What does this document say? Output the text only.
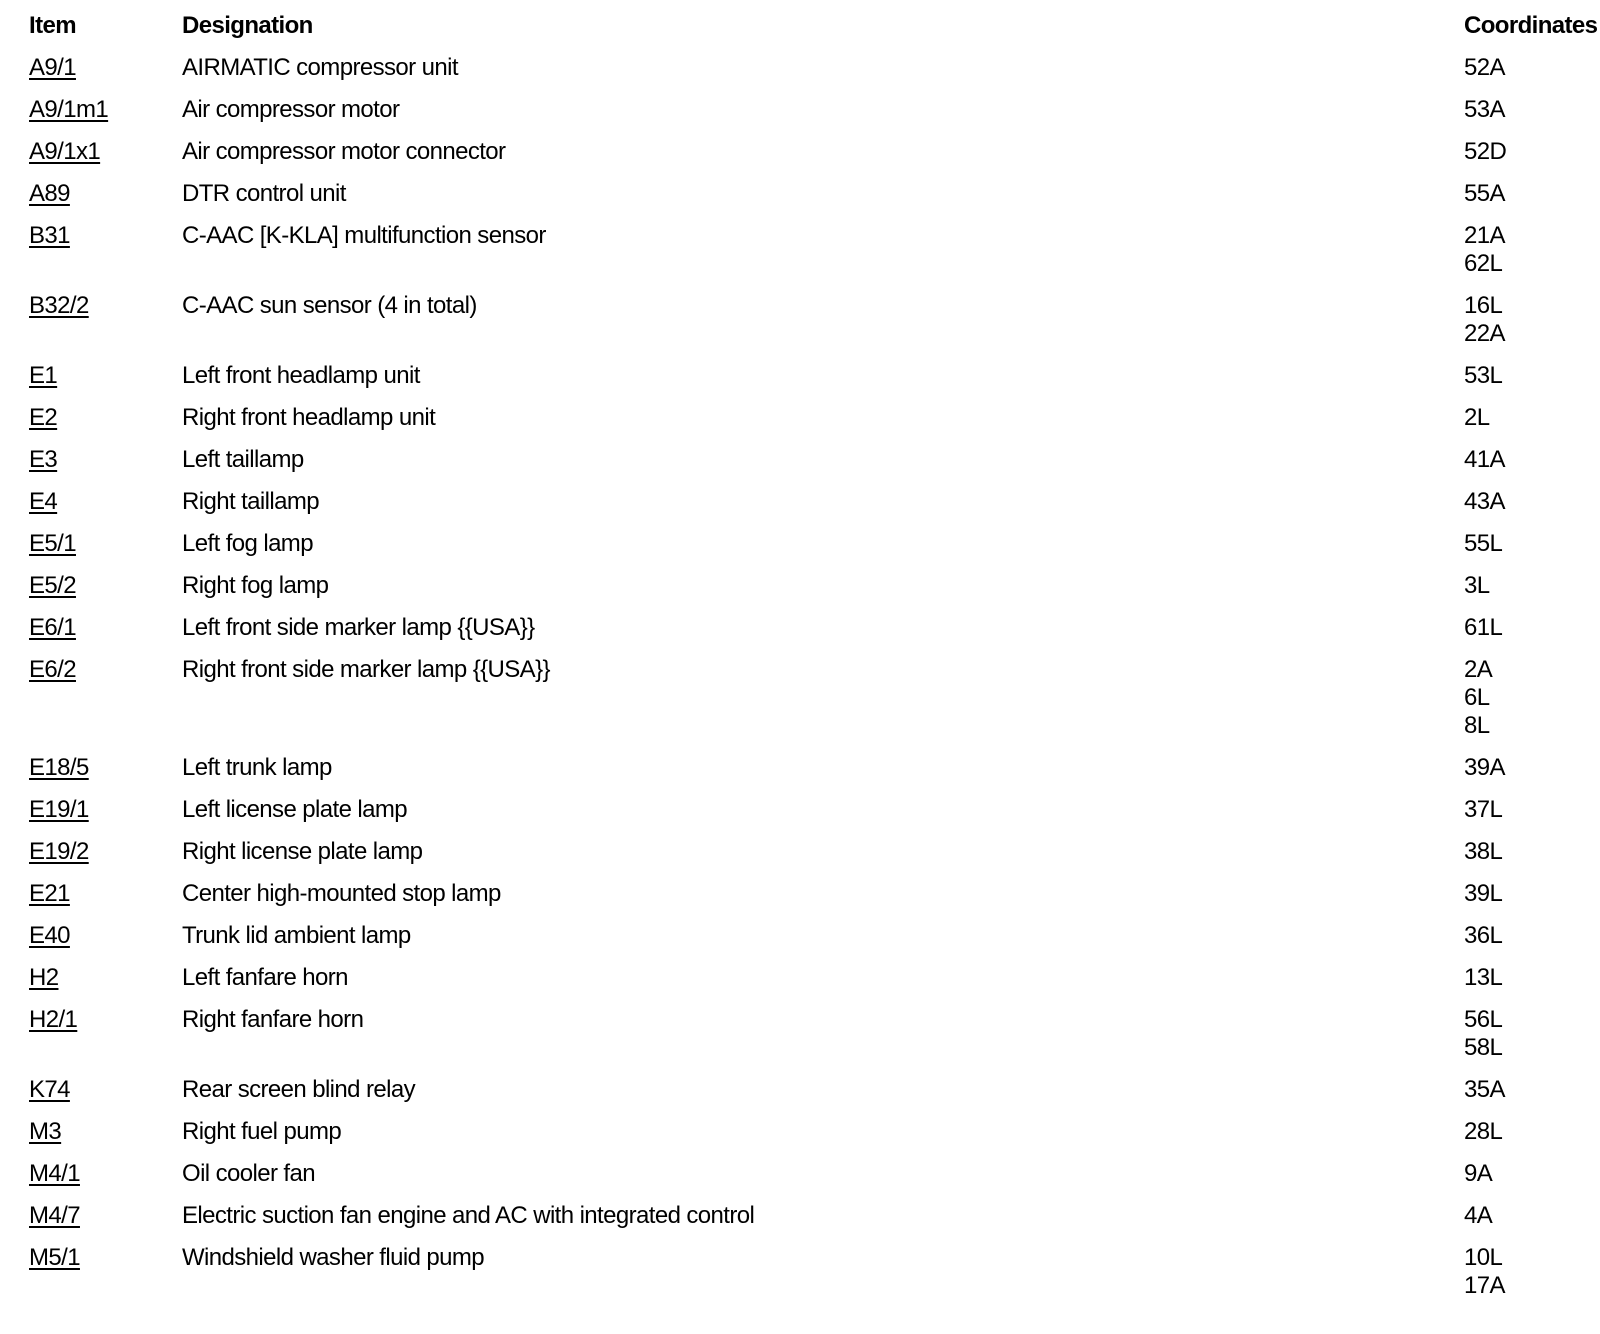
Item	Designation	Coordinates
A9/1	AIRMATIC compressor unit	52A

A9/1m1	Air compressor motor	53A

A9/1x1	Air compressor motor connector	52D

A89	DTR control unit	55A

B31	C-AAC [K-KLA] multifunction sensor	21A
62L

B32/2	C-AAC sun sensor (4 in total)	16L
22A

E1	Left front headlamp unit	53L

E2	Right front headlamp unit	2L

E3	Left taillamp	41A

E4	Right taillamp	43A

E5/1	Left fog lamp	55L

E5/2	Right fog lamp	3L

E6/1	Left front side marker lamp {{USA}}	61L

E6/2	Right front side marker lamp {{USA}}	2A
6L
8L

E18/5	Left trunk lamp	39A

E19/1	Left license plate lamp	37L

E19/2	Right license plate lamp	38L

E21	Center high-mounted stop lamp	39L

E40	Trunk lid ambient lamp	36L

H2	Left fanfare horn	13L

H2/1	Right fanfare horn	56L
58L

K74	Rear screen blind relay	35A

M3	Right fuel pump	28L

M4/1	Oil cooler fan	9A

M4/7	Electric suction fan engine and AC with integrated control	4A

M5/1	Windshield washer fluid pump	10L
17A
